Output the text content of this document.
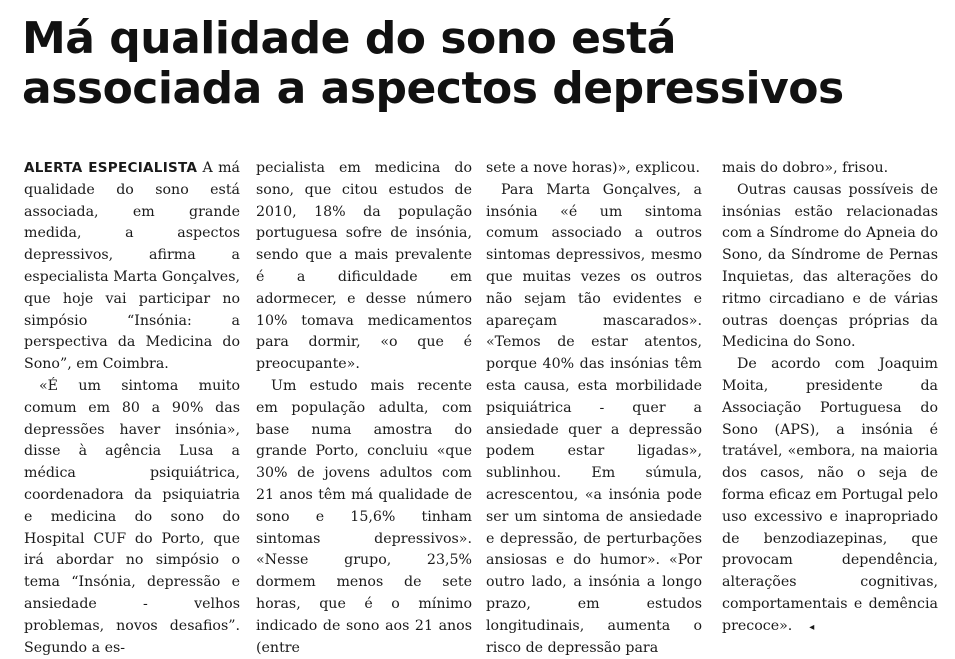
Má qualidade do sono está
associada a aspectos depressivos

ALERTA ESPECIALISTA A má qualidade do sono está associada, em grande medida, a aspectos depressivos, afirma a especialista Marta Gonçalves, que hoje vai participar no simpósio “Insónia: a perspectiva da Medicina do Sono”, em Coimbra.

«É um sintoma muito comum em 80 a 90% das depressões haver insónia», disse à agência Lusa a médica psiquiátrica, coordenadora da psiquiatria e medicina do sono do Hospital CUF do Porto, que irá abordar no simpósio o tema “Insónia, depressão e ansiedade - velhos problemas, novos desafios”. Segundo a es-

pecialista em medicina do sono, que citou estudos de 2010, 18% da população portuguesa sofre de insónia, sendo que a mais prevalente é a dificuldade em adormecer, e desse número 10% tomava medicamentos para dormir, «o que é preocupante».

Um estudo mais recente em população adulta, com base numa amostra do grande Porto, concluiu «que 30% de jovens adultos com 21 anos têm má qualidade de sono e 15,6% tinham sintomas depressivos». «Nesse grupo, 23,5% dormem menos de sete horas, que é o mínimo indicado de sono aos 21 anos (entre

sete a nove horas)», explicou.

Para Marta Gonçalves, a insónia «é um sintoma comum associado a outros sintomas depressivos, mesmo que muitas vezes os outros não sejam tão evidentes e apareçam mascarados». «Temos de estar atentos, porque 40% das insónias têm esta causa, esta morbilidade psiquiátrica - quer a ansiedade quer a depressão podem estar ligadas», sublinhou. Em súmula, acrescentou, «a insónia pode ser um sintoma de ansiedade e depressão, de perturbações ansiosas e do humor». «Por outro lado, a insónia a longo prazo, em estudos longitudinais, aumenta o risco de depressão para

mais do dobro», frisou.

Outras causas possíveis de insónias estão relacionadas com a Síndrome do Apneia do Sono, da Síndrome de Pernas Inquietas, das alterações do ritmo circadiano e de várias outras doenças próprias da Medicina do Sono.

De acordo com Joaquim Moita, presidente da Associação Portuguesa do Sono (APS), a insónia é tratável, «embora, na maioria dos casos, não o seja de forma eficaz em Portugal pelo uso excessivo e inapropriado de benzodiazepinas, que provocam dependência, alterações cognitivas, comportamentais e demência precoce». ◂
